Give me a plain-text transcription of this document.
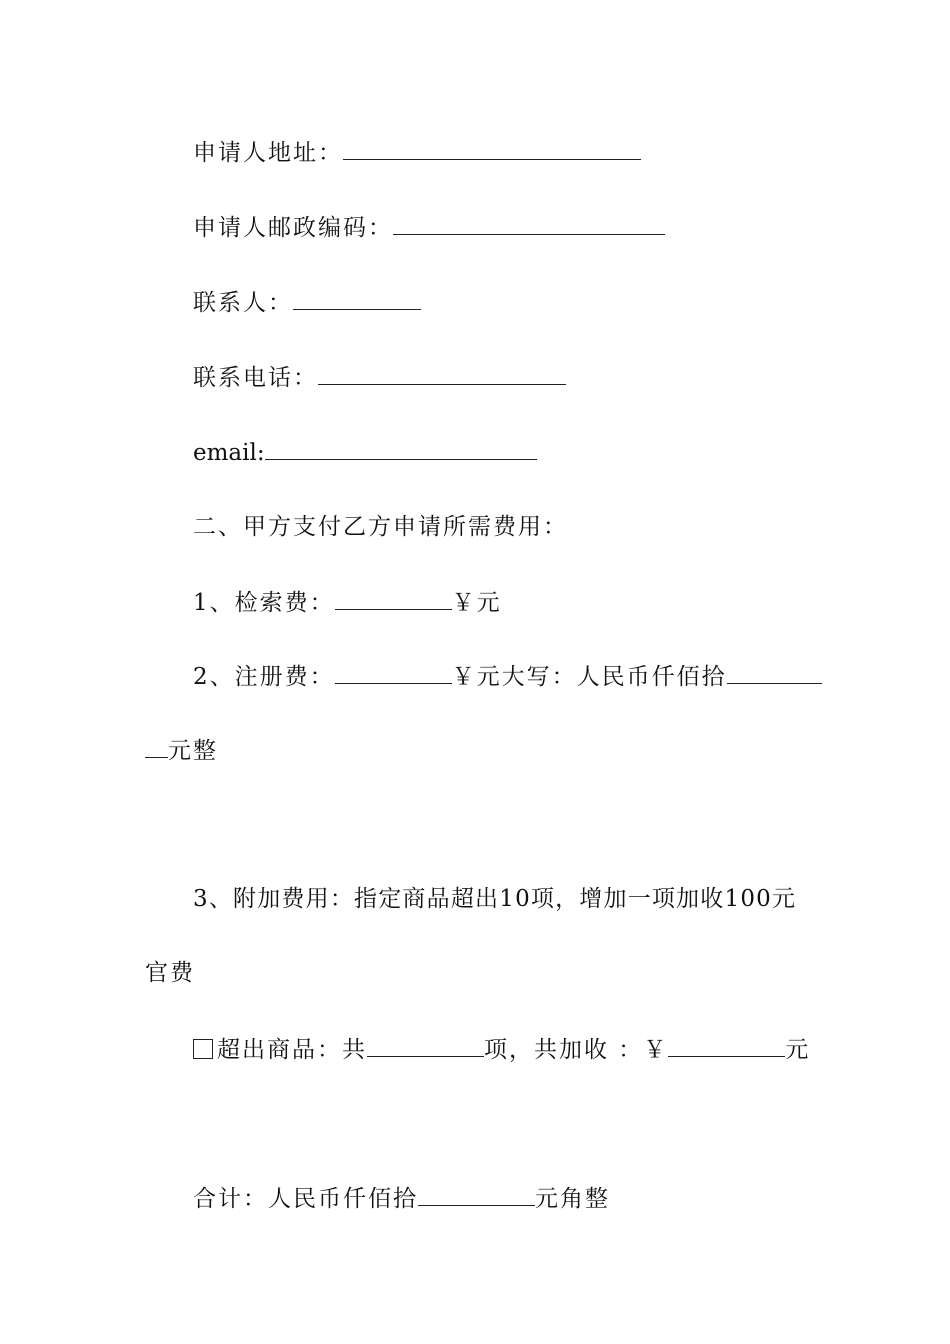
申请人地址：
申请人邮政编码：
联系人：
联系电话：
email:
二、甲方支付乙方申请所需费用：
1、检索费：	￥元
2、注册费：	￥元大写：人民币仟佰拾
元整
3、附加费用：指定商品超出10项，增加一项加收100元
官费
超出商品：共	项，共加收 ：￥	元
合计：人民币仟佰拾	元角整
